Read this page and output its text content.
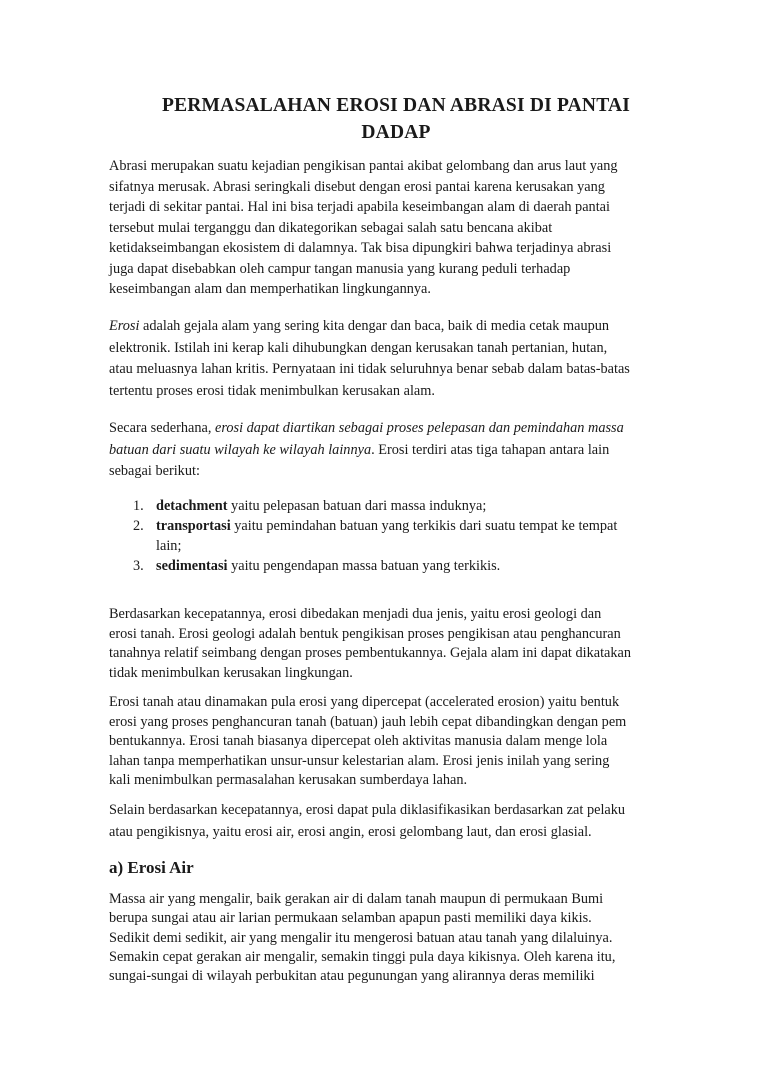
PERMASALAHAN EROSI DAN ABRASI DI PANTAI
DADAP
Abrasi merupakan suatu kejadian pengikisan pantai akibat gelombang dan arus laut yang
sifatnya merusak. Abrasi seringkali disebut dengan erosi pantai karena kerusakan yang
terjadi di sekitar pantai. Hal ini bisa terjadi apabila keseimbangan alam di daerah pantai
tersebut mulai terganggu dan dikategorikan sebagai salah satu bencana akibat
ketidakseimbangan ekosistem di dalamnya. Tak bisa dipungkiri bahwa terjadinya abrasi
juga dapat disebabkan oleh campur tangan manusia yang kurang peduli terhadap
keseimbangan alam dan memperhatikan lingkungannya.
Erosi adalah gejala alam yang sering kita dengar dan baca, baik di media cetak maupun
elektronik. Istilah ini kerap kali dihubungkan dengan kerusakan tanah pertanian, hutan,
atau meluasnya lahan kritis. Pernyataan ini tidak seluruhnya benar sebab dalam batas-batas
tertentu proses erosi tidak menimbulkan kerusakan alam.
Secara sederhana, erosi dapat diartikan sebagai proses pelepasan dan pemindahan massa
batuan dari suatu wilayah ke wilayah lainnya. Erosi terdiri atas tiga tahapan antara lain
sebagai berikut:
1. detachment yaitu pelepasan batuan dari massa induknya;
2. transportasi yaitu pemindahan batuan yang terkikis dari suatu tempat ke tempat
lain;
3. sedimentasi yaitu pengendapan massa batuan yang terkikis.
Berdasarkan kecepatannya, erosi dibedakan menjadi dua jenis, yaitu erosi geologi dan
erosi tanah. Erosi geologi adalah bentuk pengikisan proses pengikisan atau penghancuran
tanahnya relatif seimbang dengan proses pembentukannya. Gejala alam ini dapat dikatakan
tidak menimbulkan kerusakan lingkungan.
Erosi tanah atau dinamakan pula erosi yang dipercepat (accelerated erosion) yaitu bentuk
erosi yang proses penghancuran tanah (batuan) jauh lebih cepat dibandingkan dengan pem
bentukannya. Erosi tanah biasanya dipercepat oleh aktivitas manusia dalam menge lola
lahan tanpa memperhatikan unsur-unsur kelestarian alam. Erosi jenis inilah yang sering
kali menimbulkan permasalahan kerusakan sumberdaya lahan.
Selain berdasarkan kecepatannya, erosi dapat pula diklasifikasikan berdasarkan zat pelaku
atau pengikisnya, yaitu erosi air, erosi angin, erosi gelombang laut, dan erosi glasial.
a) Erosi Air
Massa air yang mengalir, baik gerakan air di dalam tanah maupun di permukaan Bumi
berupa sungai atau air larian permukaan selamban apapun pasti memiliki daya kikis.
Sedikit demi sedikit, air yang mengalir itu mengerosi batuan atau tanah yang dilaluinya.
Semakin cepat gerakan air mengalir, semakin tinggi pula daya kikisnya. Oleh karena itu,
sungai-sungai di wilayah perbukitan atau pegunungan yang alirannya deras memiliki
